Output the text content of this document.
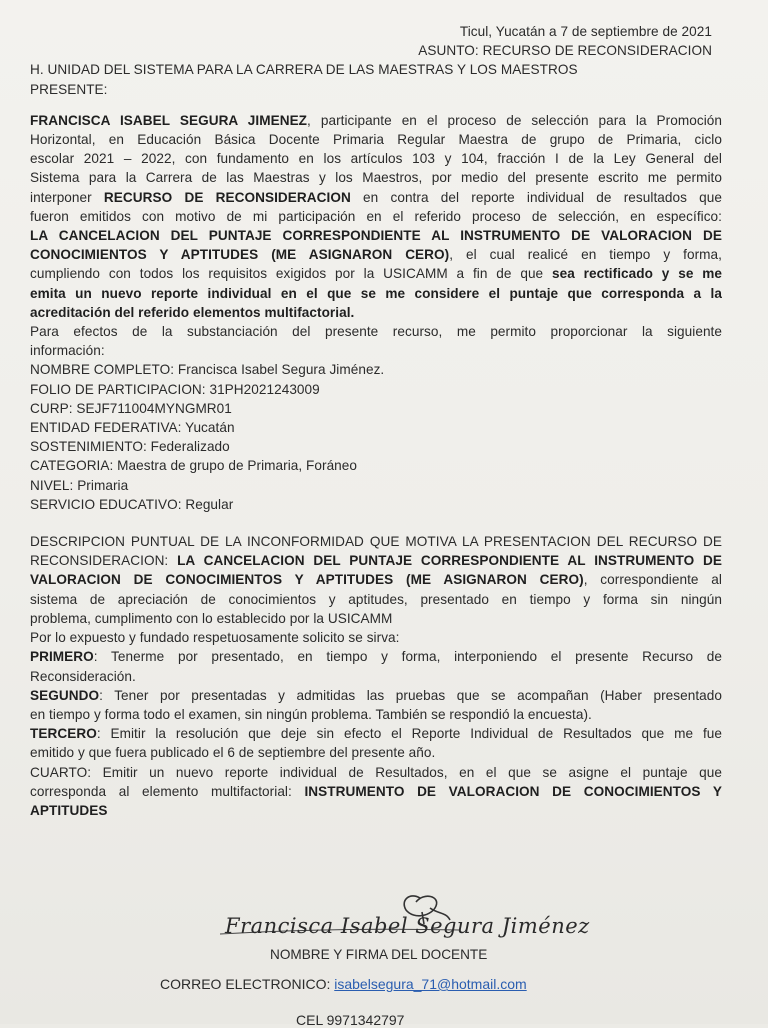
Ticul, Yucatán a 7 de septiembre de 2021
ASUNTO: RECURSO DE RECONSIDERACION
H. UNIDAD DEL SISTEMA PARA LA CARRERA DE LAS MAESTRAS Y LOS MAESTROS
PRESENTE:
FRANCISCA ISABEL SEGURA JIMENEZ, participante en el proceso de selección para la Promoción
Horizontal, en Educación Básica Docente Primaria Regular Maestra de grupo de Primaria, ciclo
escolar 2021 – 2022, con fundamento en los artículos 103 y 104, fracción I de la Ley General del
Sistema para la Carrera de las Maestras y los Maestros, por medio del presente escrito me permito
interponer RECURSO DE RECONSIDERACION en contra del reporte individual de resultados que
fueron emitidos con motivo de mi participación en el referido proceso de selección, en específico:
LA CANCELACION DEL PUNTAJE CORRESPONDIENTE AL INSTRUMENTO DE VALORACION DE
CONOCIMIENTOS Y APTITUDES (ME ASIGNARON CERO), el cual realicé en tiempo y forma,
cumpliendo con todos los requisitos exigidos por la USICAMM a fin de que sea rectificado y se me
emita un nuevo reporte individual en el que se me considere el puntaje que corresponda a la
acreditación del referido elementos multifactorial.
Para efectos de la substanciación del presente recurso, me permito proporcionar la siguiente
información:
NOMBRE COMPLETO: Francisca Isabel Segura Jiménez.
FOLIO DE PARTICIPACION: 31PH2021243009
CURP: SEJF711004MYNGMR01
ENTIDAD FEDERATIVA: Yucatán
SOSTENIMIENTO: Federalizado
CATEGORIA: Maestra de grupo de Primaria, Foráneo
NIVEL: Primaria
SERVICIO EDUCATIVO: Regular
DESCRIPCION PUNTUAL DE LA INCONFORMIDAD QUE MOTIVA LA PRESENTACION DEL RECURSO DE
RECONSIDERACION: LA CANCELACION DEL PUNTAJE CORRESPONDIENTE AL INSTRUMENTO DE
VALORACION DE CONOCIMIENTOS Y APTITUDES (ME ASIGNARON CERO), correspondiente al
sistema de apreciación de conocimientos y aptitudes, presentado en tiempo y forma sin ningún
problema, cumplimento con lo establecido por la USICAMM
Por lo expuesto y fundado respetuosamente solicito se sirva:
PRIMERO: Tenerme por presentado, en tiempo y forma, interponiendo el presente Recurso de
Reconsideración.
SEGUNDO: Tener por presentadas y admitidas las pruebas que se acompañan (Haber presentado
en tiempo y forma todo el examen, sin ningún problema. También se respondió la encuesta).
TERCERO: Emitir la resolución que deje sin efecto el Reporte Individual de Resultados que me fue
emitido y que fuera publicado el 6 de septiembre del presente año.
CUARTO: Emitir un nuevo reporte individual de Resultados, en el que se asigne el puntaje que
corresponda al elemento multifactorial: INSTRUMENTO DE VALORACION DE CONOCIMIENTOS Y
APTITUDES
Francisca Isabel Segura Jiménez
NOMBRE Y FIRMA DEL DOCENTE
CORREO ELECTRONICO: isabelsegura_71@hotmail.com
CEL 9971342797
